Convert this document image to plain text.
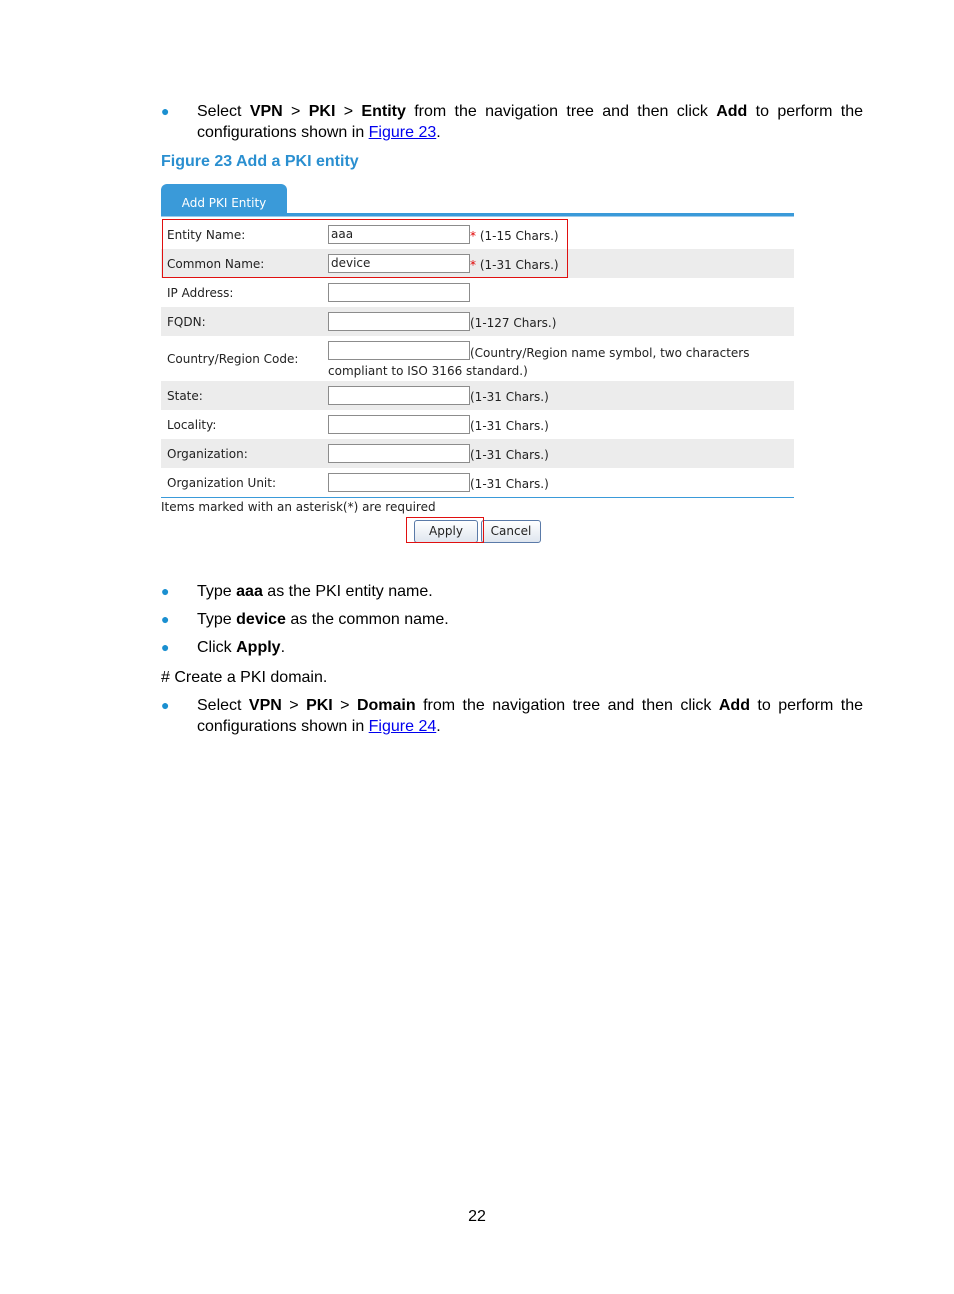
●	Select VPN > PKI > Entity from the navigation tree and then click Add to perform the configurations shown in Figure 23.
Figure 23 Add a PKI entity
Add PKI Entity
Entity Name:	aaa	* (1-15 Chars.)
Common Name:	device	* (1-31 Chars.)
IP Address:
FQDN:	(1-127 Chars.)
Country/Region Code:	(Country/Region name symbol, two characters
compliant to ISO 3166 standard.)
State:	(1-31 Chars.)
Locality:	(1-31 Chars.)
Organization:	(1-31 Chars.)
Organization Unit:	(1-31 Chars.)
Items marked with an asterisk(*) are required
Apply	Cancel
●	Type aaa as the PKI entity name.
●	Type device as the common name.
●	Click Apply.
# Create a PKI domain.
●	Select VPN > PKI > Domain from the navigation tree and then click Add to perform the configurations shown in Figure 24.
22
